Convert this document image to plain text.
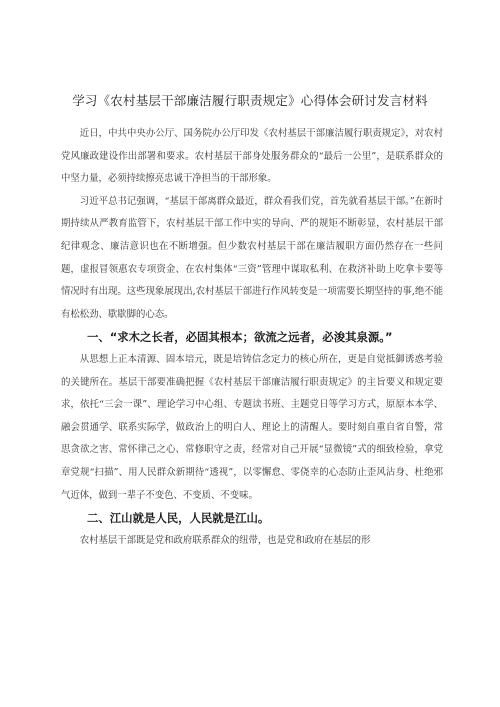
学习《农村基层干部廉洁履行职责规定》心得体会研讨发言材料

近日，中共中央办公厅、国务院办公厅印发《农村基层干部廉洁履行职责规定》，对农村党风廉政建设作出部署和要求。农村基层干部身处服务群众的“最后一公里”，是联系群众的中坚力量，必须持续擦亮忠诚干净担当的干部形象。

习近平总书记强调，“基层干部离群众最近，群众看我们党，首先就看基层干部。”在新时期持续从严教育监管下，农村基层干部工作中实的导向、严的规矩不断彰显，农村基层干部纪律观念、廉洁意识也在不断增强。但少数农村基层干部在廉洁履职方面仍然存在一些问题，虚报冒领惠农专项资金、在农村集体“三资”管理中谋取私利、在救济补助上吃拿卡要等情况时有出现。这些现象展现出,农村基层干部进行作风转变是一项需要长期坚持的事,绝不能有松松劲、歇歇脚的心态。

一、“求木之长者，必固其根本；欲流之远者，必浚其泉源。”

从思想上正本清源、固本培元，既是培铸信念定力的核心所在，更是自觉抵御诱惑考验的关键所在。基层干部要准确把握《农村基层干部廉洁履行职责规定》的主旨要义和规定要求，依托“三会一课”、理论学习中心组、专题读书班、主题党日等学习方式，原原本本学、融会贯通学、联系实际学，做政治上的明白人、理论上的清醒人。要时刻自重自省自警，常思贪欲之害、常怀律己之心、常修职守之责，经常对自己开展“显微镜”式的细致检验，拿党章党规“扫描”、用人民群众新期待“透视”，以零懈怠、零侥幸的心态防止歪风沾身、杜绝邪气近体，做到一辈子不变色、不变质、不变味。

二、江山就是人民，人民就是江山。

农村基层干部既是党和政府联系群众的纽带，也是党和政府在基层的形
